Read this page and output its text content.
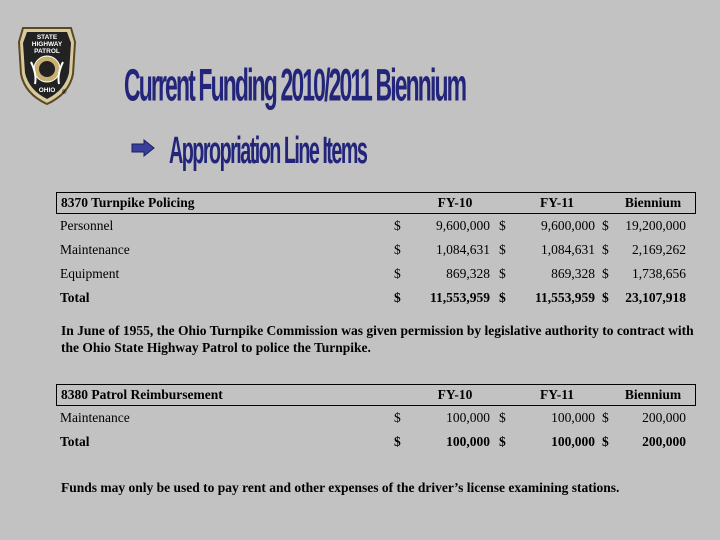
STATE
HIGHWAY
PATROL
OHIO	® Current Funding 2010/2011 Biennium
Appropriation Line Items
8370 Turnpike Policing	FY-10	FY-11	Biennium
Personnel	$	9,600,000 $	9,600,000 $	19,200,000
Maintenance	$	1,084,631 $	1,084,631 $	2,169,262
Equipment	$	869,328 $	869,328 $	1,738,656
Total	$	11,553,959 $	11,553,959 $	23,107,918
In June of 1955, the Ohio Turnpike Commission was given permission by legislative authority to contract with the Ohio State Highway Patrol to police the Turnpike.
8380 Patrol Reimbursement	FY-10	FY-11	Biennium
Maintenance	$	100,000 $	100,000 $	200,000
Total	$	100,000 $	100,000 $	200,000
Funds may only be used to pay rent and other expenses of the driver’s license examining stations.
